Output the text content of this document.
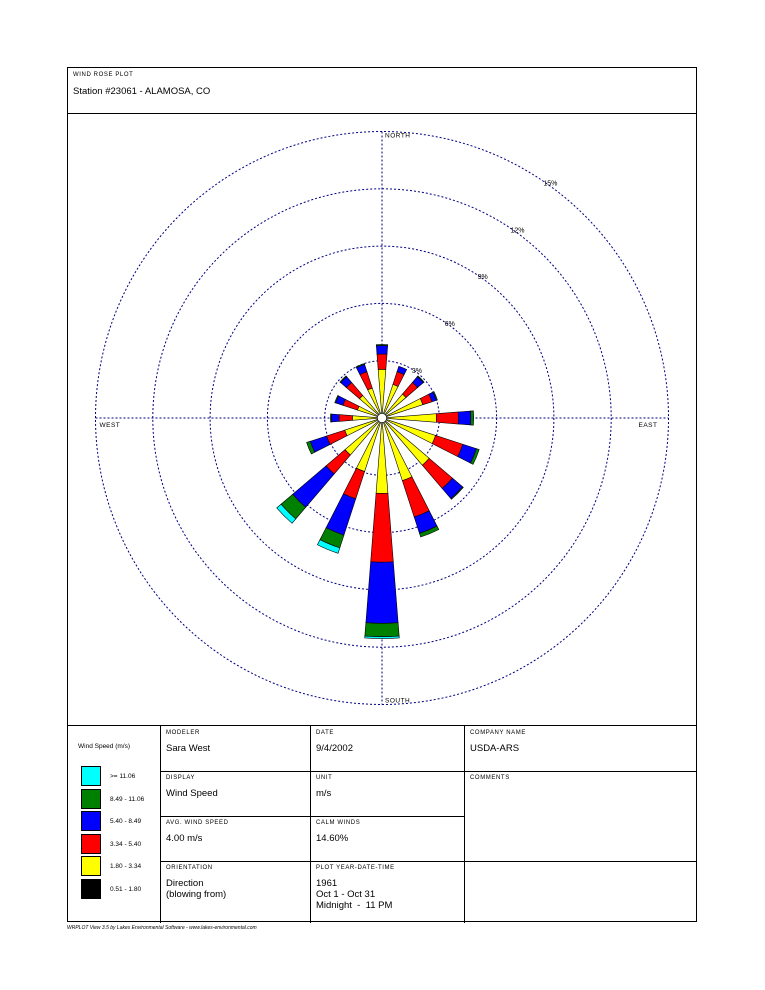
WIND ROSE PLOT
Station #23061 - ALAMOSA, CO
3%
6%
9%
12%
15%
NORTH
SOUTH
EAST
WEST
Wind Speed (m/s)
>= 11.06
8.49 - 11.06
5.40 - 8.49
3.34 - 5.40
1.80 - 3.34
0.51 - 1.80
MODELER
Sara West
DATE
9/4/2002
COMPANY NAME
USDA-ARS
DISPLAY
Wind Speed
UNIT
m/s
COMMENTS
AVG. WIND SPEED
4.00 m/s
CALM WINDS
14.60%
ORIENTATION
Direction
(blowing from)
PLOT YEAR-DATE-TIME
1961
Oct 1 - Oct 31
Midnight  -  11 PM
WRPLOT View 3.5 by Lakes Environmental Software - www.lakes-environmental.com
